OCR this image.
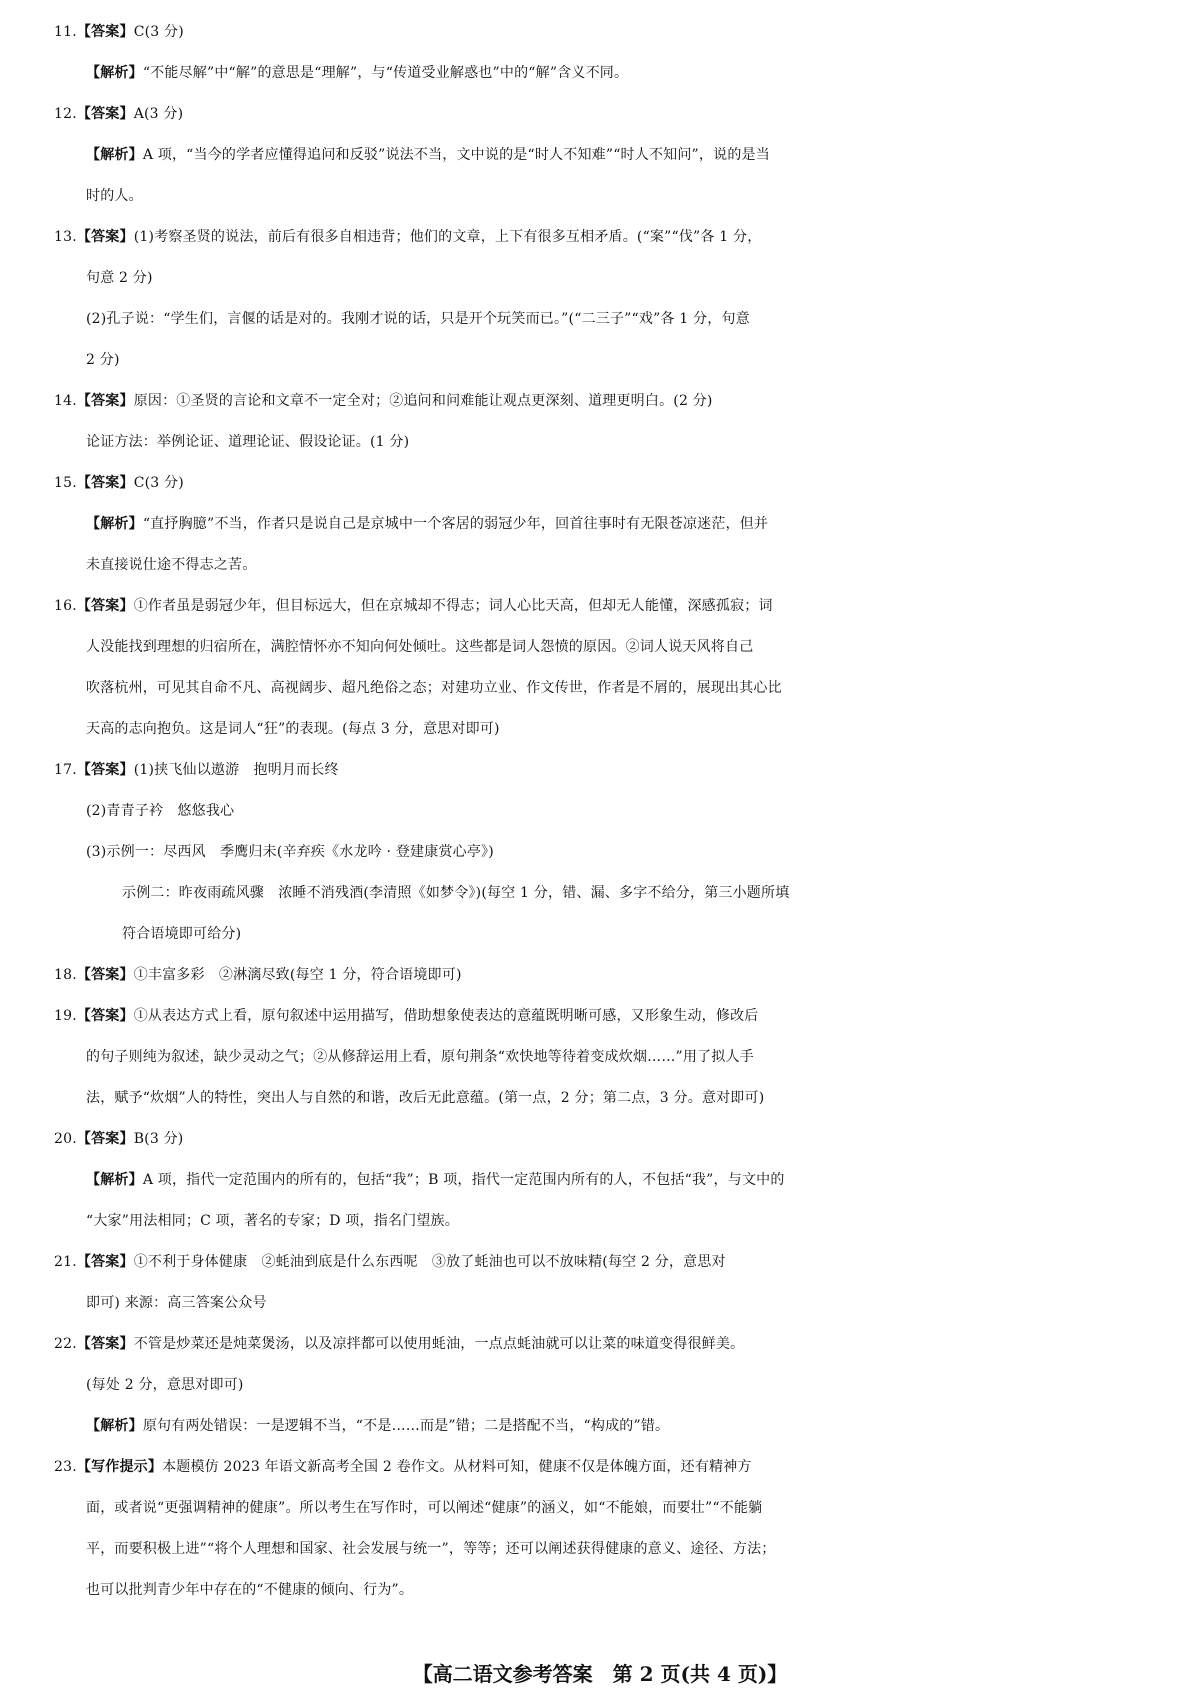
11.【答案】C(3 分)
【解析】“不能尽解”中“解”的意思是“理解”，与“传道受业解惑也”中的“解”含义不同。
12.【答案】A(3 分)
【解析】A 项，“当今的学者应懂得追问和反驳”说法不当，文中说的是“时人不知难”“时人不知问”，说的是当
时的人。
13.【答案】(1)考察圣贤的说法，前后有很多自相违背；他们的文章，上下有很多互相矛盾。(“案”“伐”各 1 分，
句意 2 分)
(2)孔子说：“学生们，言偃的话是对的。我刚才说的话，只是开个玩笑而已。”(“二三子”“戏”各 1 分，句意
2 分)
14.【答案】原因：①圣贤的言论和文章不一定全对；②追问和问难能让观点更深刻、道理更明白。(2 分)
论证方法：举例论证、道理论证、假设论证。(1 分)
15.【答案】C(3 分)
【解析】“直抒胸臆”不当，作者只是说自己是京城中一个客居的弱冠少年，回首往事时有无限苍凉迷茫，但并
未直接说仕途不得志之苦。
16.【答案】①作者虽是弱冠少年，但目标远大，但在京城却不得志；词人心比天高，但却无人能懂，深感孤寂；词
人没能找到理想的归宿所在，满腔情怀亦不知向何处倾吐。这些都是词人怨愤的原因。②词人说天风将自己
吹落杭州，可见其自命不凡、高视阔步、超凡绝俗之态；对建功立业、作文传世，作者是不屑的，展现出其心比
天高的志向抱负。这是词人“狂”的表现。(每点 3 分，意思对即可)
17.【答案】(1)挟飞仙以遨游　抱明月而长终
(2)青青子衿　悠悠我心
(3)示例一：尽西风　季鹰归未(辛弃疾《水龙吟 · 登建康赏心亭》)
示例二：昨夜雨疏风骤　浓睡不消残酒(李清照《如梦令》)(每空 1 分，错、漏、多字不给分，第三小题所填
符合语境即可给分)
18.【答案】①丰富多彩　②淋漓尽致(每空 1 分，符合语境即可)
19.【答案】①从表达方式上看，原句叙述中运用描写，借助想象使表达的意蕴既明晰可感，又形象生动，修改后
的句子则纯为叙述，缺少灵动之气；②从修辞运用上看，原句荆条“欢快地等待着变成炊烟……”用了拟人手
法，赋予“炊烟”人的特性，突出人与自然的和谐，改后无此意蕴。(第一点，2 分；第二点，3 分。意对即可)
20.【答案】B(3 分)
【解析】A 项，指代一定范围内的所有的，包括“我”；B 项，指代一定范围内所有的人，不包括“我”，与文中的
“大家”用法相同；C 项，著名的专家；D 项，指名门望族。
21.【答案】①不利于身体健康　②蚝油到底是什么东西呢　③放了蚝油也可以不放味精(每空 2 分，意思对
即可) 来源：高三答案公众号
22.【答案】不管是炒菜还是炖菜煲汤，以及凉拌都可以使用蚝油，一点点蚝油就可以让菜的味道变得很鲜美。
(每处 2 分，意思对即可)
【解析】原句有两处错误：一是逻辑不当，“不是……而是”错；二是搭配不当，“构成的”错。
23.【写作提示】本题模仿 2023 年语文新高考全国 2 卷作文。从材料可知，健康不仅是体魄方面，还有精神方
面，或者说“更强调精神的健康”。所以考生在写作时，可以阐述“健康”的涵义，如“不能娘，而要壮”“不能躺
平，而要积极上进”“将个人理想和国家、社会发展与统一”，等等；还可以阐述获得健康的意义、途径、方法；
也可以批判青少年中存在的“不健康的倾向、行为”。
【高二语文参考答案　第 2 页(共 4 页)】
